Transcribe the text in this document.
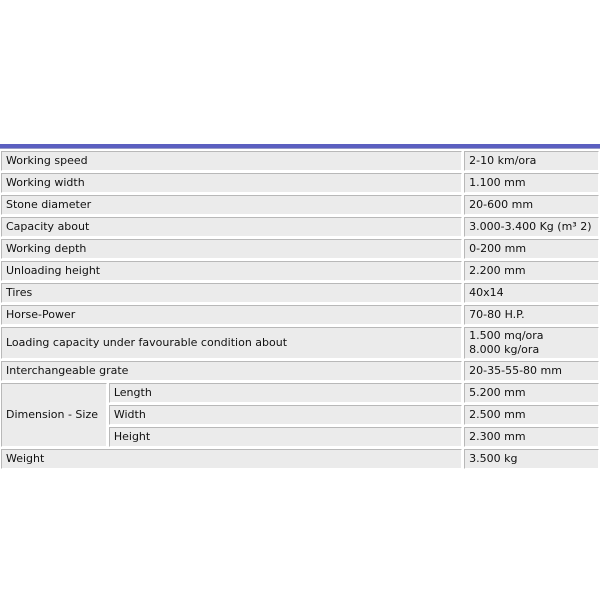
Working speed		2-10 km/ora
Working width		1.100 mm
Stone diameter		20-600 mm
Capacity about		3.000-3.400 Kg (m³ 2)
Working depth		0-200 mm
Unloading height		2.200 mm
Tires		40x14
Horse-Power		70-80 H.P.
Loading capacity under favourable condition about		1.500 mq/ora
8.000 kg/ora

Interchangeable grate		20-35-55-80 mm
Dimension - Size	Length	5.200 mm
	Width	2.500 mm
	Height	2.300 mm
Weight		3.500 kg
